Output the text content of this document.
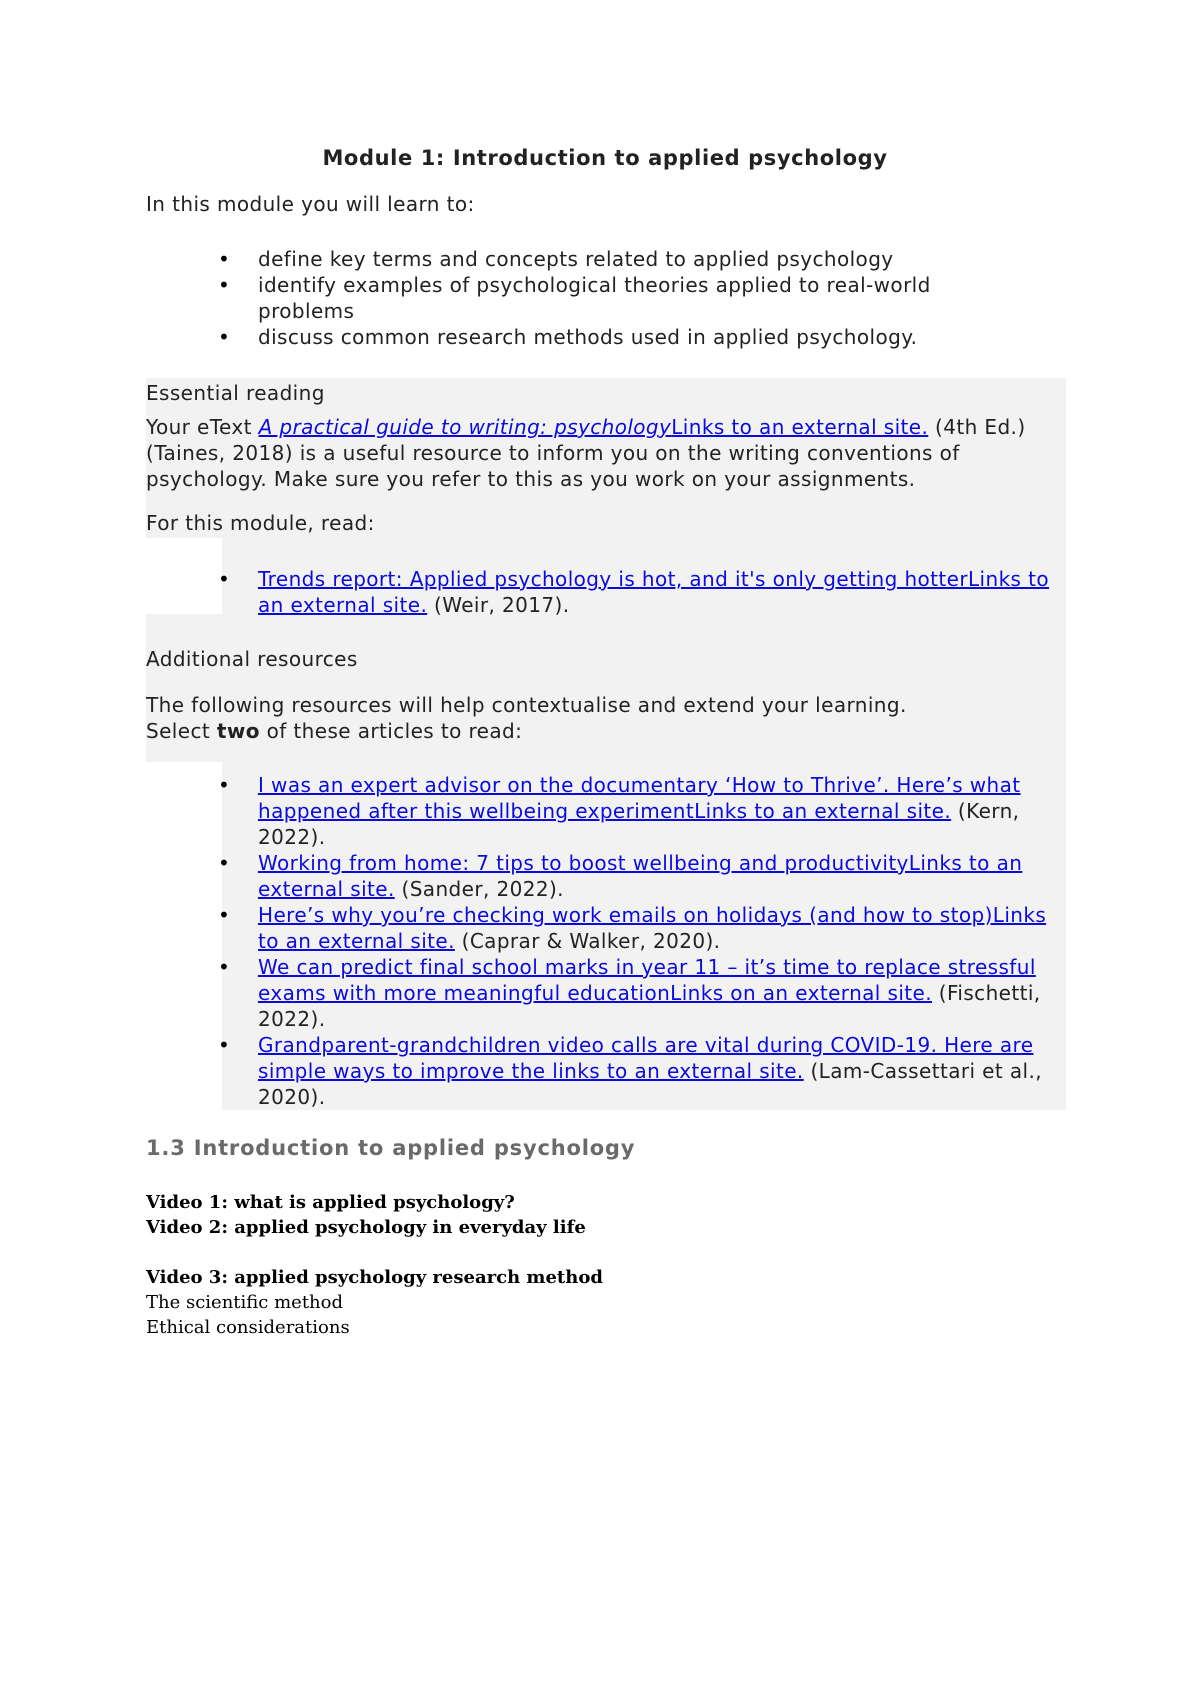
Module 1: Introduction to applied psychology
In this module you will learn to:
• define key terms and concepts related to applied psychology
• identify examples of psychological theories applied to real-world problems
• discuss common research methods used in applied psychology.
Essential reading
Your eText A practical guide to writing: psychologyLinks to an external site. (4th Ed.) (Taines, 2018) is a useful resource to inform you on the writing conventions of psychology. Make sure you refer to this as you work on your assignments.
For this module, read:
• Trends report: Applied psychology is hot, and it's only getting hotterLinks to an external site. (Weir, 2017).
Additional resources
The following resources will help contextualise and extend your learning.
Select two of these articles to read:
• I was an expert advisor on the documentary ‘How to Thrive’. Here’s what happened after this wellbeing experimentLinks to an external site. (Kern, 2022).
• Working from home: 7 tips to boost wellbeing and productivityLinks to an external site. (Sander, 2022).
• Here’s why you’re checking work emails on holidays (and how to stop)Links to an external site. (Caprar & Walker, 2020).
• We can predict final school marks in year 11 – it’s time to replace stressful exams with more meaningful educationLinks on an external site. (Fischetti, 2022).
• Grandparent-grandchildren video calls are vital during COVID-19. Here are simple ways to improve the links to an external site. (Lam-Cassettari et al., 2020).
1.3 Introduction to applied psychology
Video 1: what is applied psychology?
Video 2: applied psychology in everyday life
Video 3: applied psychology research method
The scientific method
Ethical considerations
